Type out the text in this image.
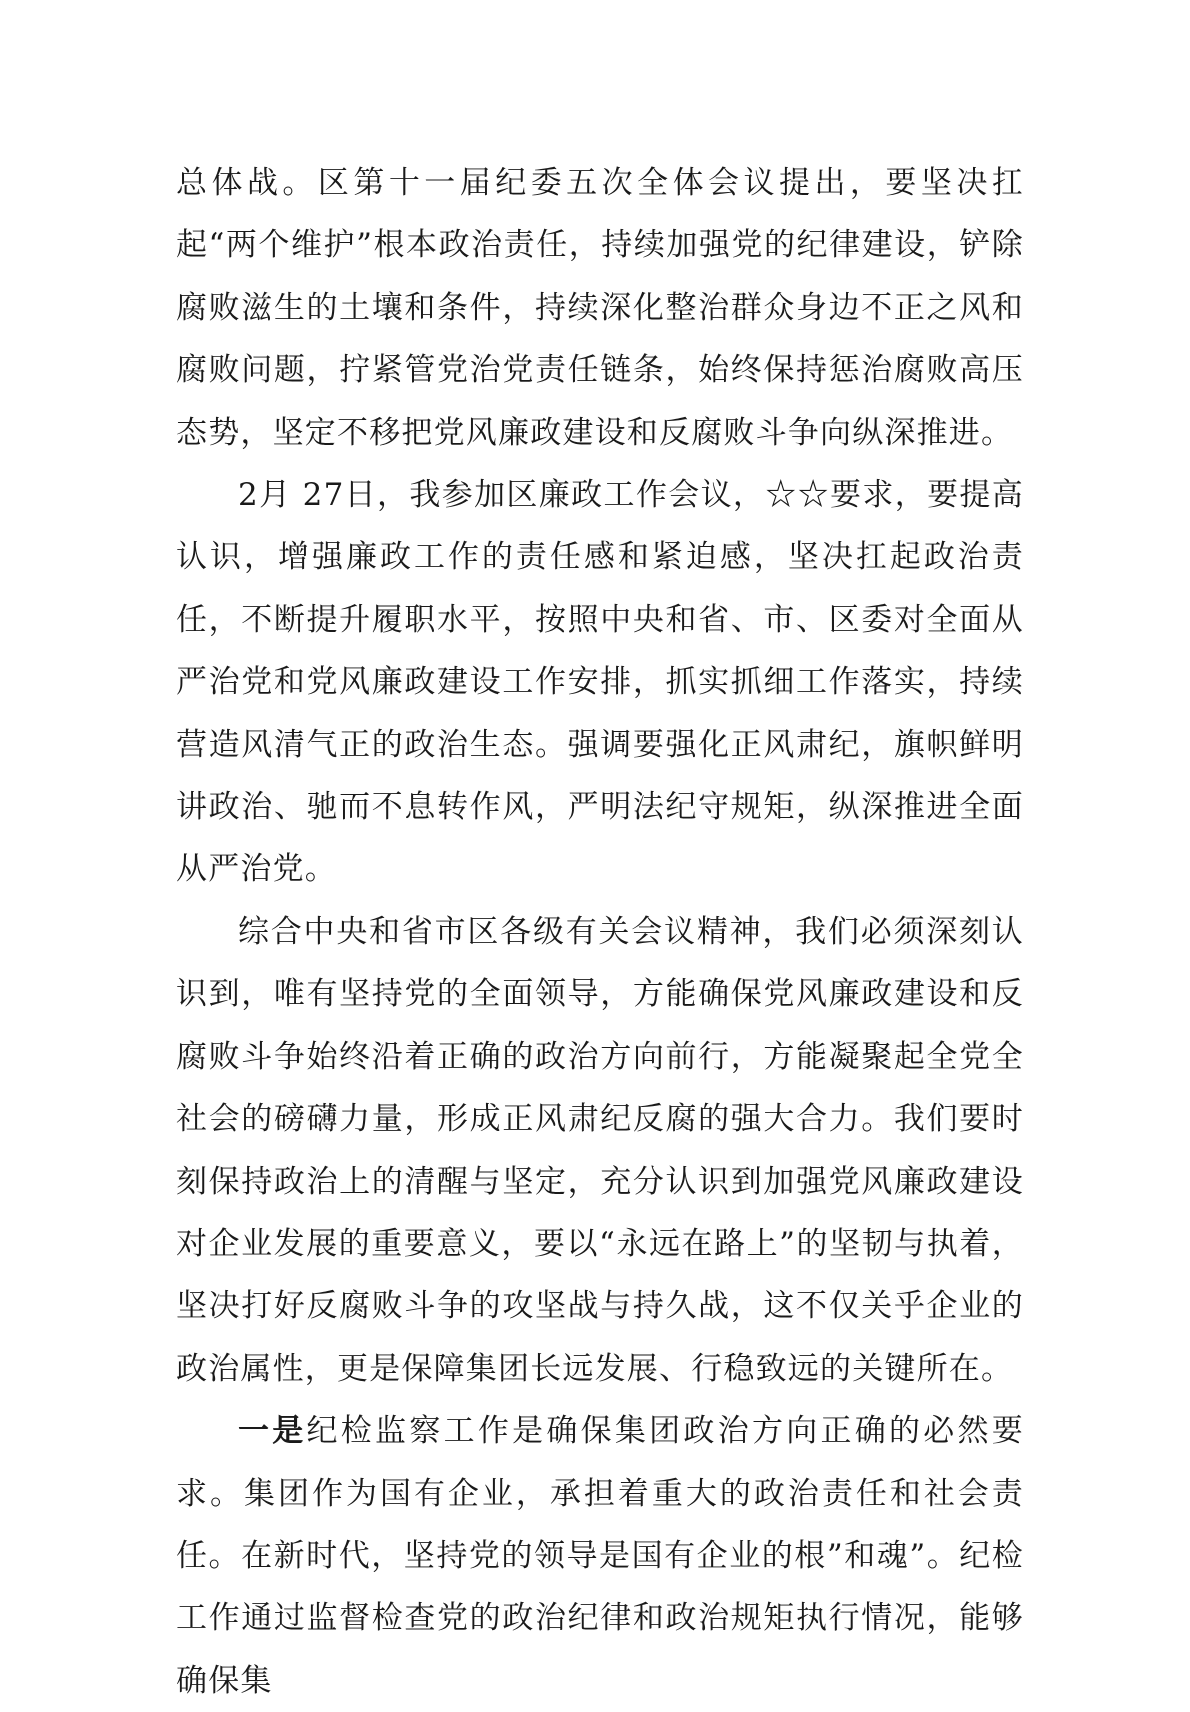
总体战。区第十一届纪委五次全体会议提出，要坚决扛起“两个维护”根本政治责任，持续加强党的纪律建设，铲除腐败滋生的土壤和条件，持续深化整治群众身边不正之风和腐败问题，拧紧管党治党责任链条，始终保持惩治腐败高压态势，坚定不移把党风廉政建设和反腐败斗争向纵深推进。

2月 27日，我参加区廉政工作会议，☆☆要求，要提高认识，增强廉政工作的责任感和紧迫感，坚决扛起政治责任，不断提升履职水平，按照中央和省、市、区委对全面从严治党和党风廉政建设工作安排，抓实抓细工作落实，持续营造风清气正的政治生态。强调要强化正风肃纪，旗帜鲜明讲政治、驰而不息转作风，严明法纪守规矩，纵深推进全面从严治党。

综合中央和省市区各级有关会议精神，我们必须深刻认识到，唯有坚持党的全面领导，方能确保党风廉政建设和反腐败斗争始终沿着正确的政治方向前行，方能凝聚起全党全社会的磅礴力量，形成正风肃纪反腐的强大合力。我们要时刻保持政治上的清醒与坚定，充分认识到加强党风廉政建设对企业发展的重要意义，要以“永远在路上”的坚韧与执着，坚决打好反腐败斗争的攻坚战与持久战，这不仅关乎企业的政治属性，更是保障集团长远发展、行稳致远的关键所在。

一是纪检监察工作是确保集团政治方向正确的必然要求。集团作为国有企业，承担着重大的政治责任和社会责任。在新时代，坚持党的领导是国有企业的根”和魂”。纪检工作通过监督检查党的政治纪律和政治规矩执行情况，能够确保集
